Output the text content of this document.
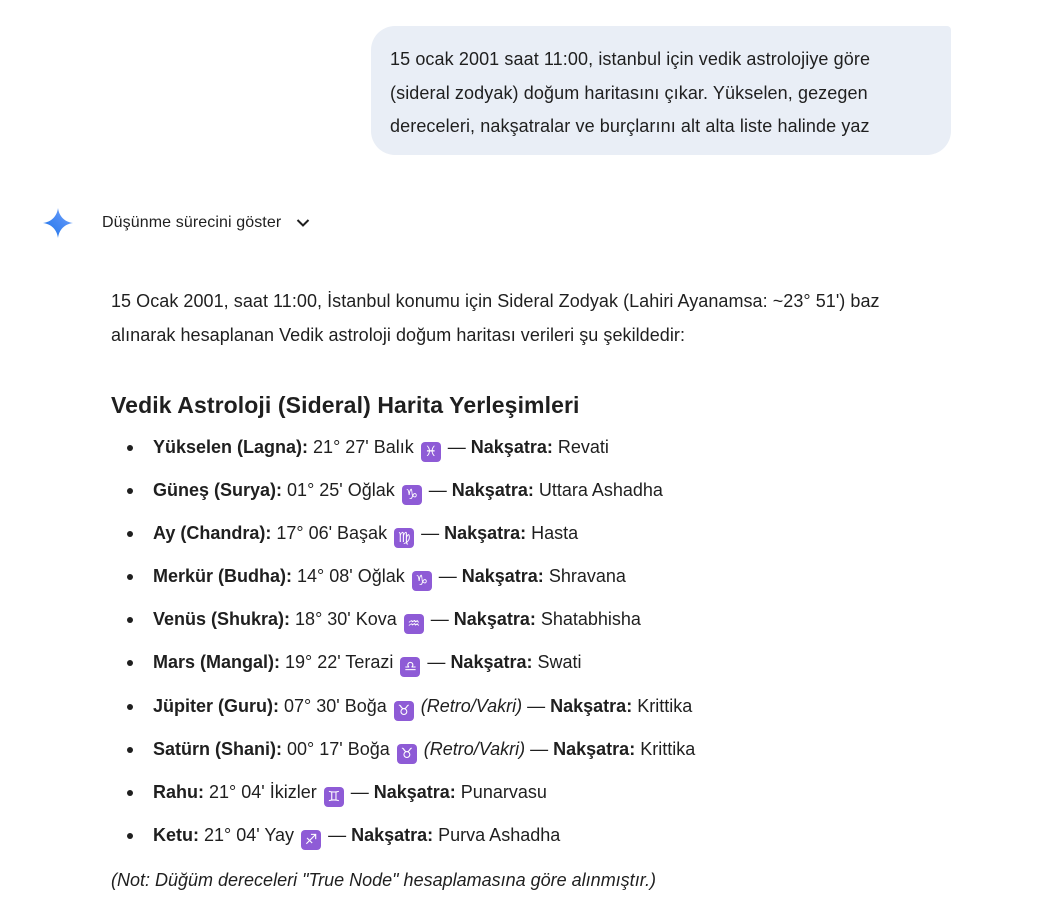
15 ocak 2001 saat 11:00, istanbul için vedik astrolojiye göre
(sideral zodyak) doğum haritasını çıkar. Yükselen, gezegen
dereceleri, nakşatralar ve burçlarını alt alta liste halinde yaz
Düşünme sürecini göster
15 Ocak 2001, saat 11:00, İstanbul konumu için Sideral Zodyak (Lahiri Ayanamsa: ~23° 51') baz
alınarak hesaplanan Vedik astroloji doğum haritası verileri şu şekildedir:
Vedik Astroloji (Sideral) Harita Yerleşimleri
Yükselen (Lagna): 21° 27' Balık ♓ — Nakşatra: Revati
Güneş (Surya): 01° 25' Oğlak ♑ — Nakşatra: Uttara Ashadha
Ay (Chandra): 17° 06' Başak ♍ — Nakşatra: Hasta
Merkür (Budha): 14° 08' Oğlak ♑ — Nakşatra: Shravana
Venüs (Shukra): 18° 30' Kova ♒ — Nakşatra: Shatabhisha
Mars (Mangal): 19° 22' Terazi ♎ — Nakşatra: Swati
Jüpiter (Guru): 07° 30' Boğa ♉ (Retro/Vakri) — Nakşatra: Krittika
Satürn (Shani): 00° 17' Boğa ♉ (Retro/Vakri) — Nakşatra: Krittika
Rahu: 21° 04' İkizler ♊ — Nakşatra: Punarvasu
Ketu: 21° 04' Yay ♐ — Nakşatra: Purva Ashadha
(Not: Düğüm dereceleri "True Node" hesaplamasına göre alınmıştır.)
